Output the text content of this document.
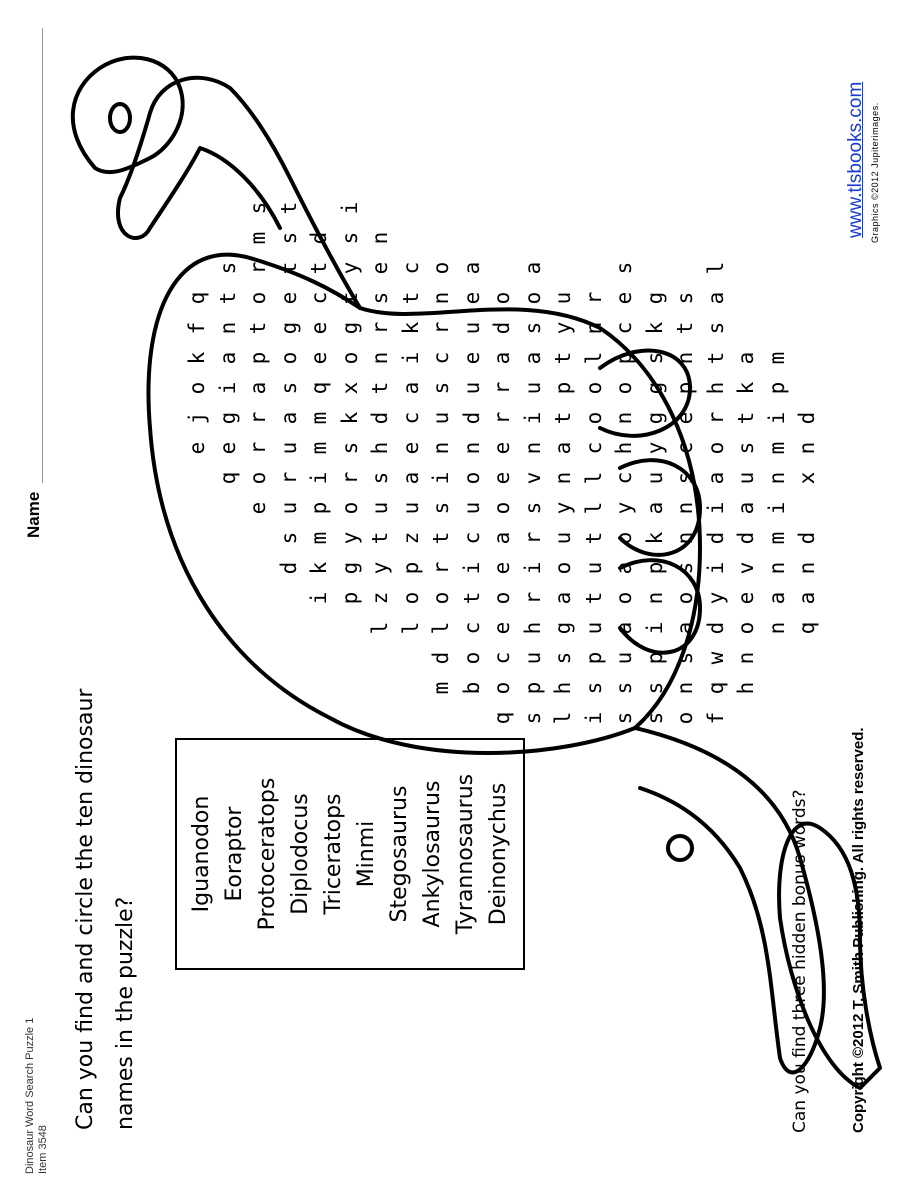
Dinosaur Word Search Puzzle 1 Item 3548
Can you find and circle the ten dinosaur names in the puzzle?
Iguanodon Eoraptor Protoceratops Diplodocus Triceratops Minmi Stegosaurus Ankylosaurus Tyrannosaurus Deinonychus
e
j
o
k
f
q
q
e
g
i
a
n
t
s
e
o
r
r
a
p
t
o
r
m
s
d
s
u
r
u
a
s
o
g
e
t
s
t
i
k
m
p
i
m
m
q
e
e
c
t
d
p
g
y
o
r
s
k
x
o
g
t
y
s
i
l
z
y
t
u
s
h
d
t
n
r
s
e
n
l
o
p
z
u
a
e
c
a
i
k
t
c
m
d
l
o
r
t
s
i
n
u
s
c
r
n
o
b
o
c
t
i
c
u
o
n
d
u
e
u
e
a
q
o
c
e
o
e
a
o
e
e
r
r
a
d
o
s
p
u
h
r
i
r
s
v
n
i
u
a
s
o
a
l
h
s
g
a
o
u
y
n
a
t
p
t
y
u
i
s
p
u
t
u
t
l
l
c
o
o
l
n
r
s
s
u
a
o
a
o
y
c
h
n
o
p
c
e
s
s
s
p
i
n
p
k
a
u
y
g
g
s
k
g
o
n
s
a
o
s
n
n
s
c
e
p
n
t
s
f
q
w
d
y
i
d
i
a
o
r
h
t
s
a
l
h
n
o
e
v
d
a
u
s
t
k
a
n
a
n
m
i
n
m
i
p
m
q
a
n
d
x
n
d
Can you find three hidden bonus words?	Copyright ©2012 T. Smith Publishing. All rights reserved.
Name
www.tlsbooks.com Graphics ©2012 Jupiterimages.
